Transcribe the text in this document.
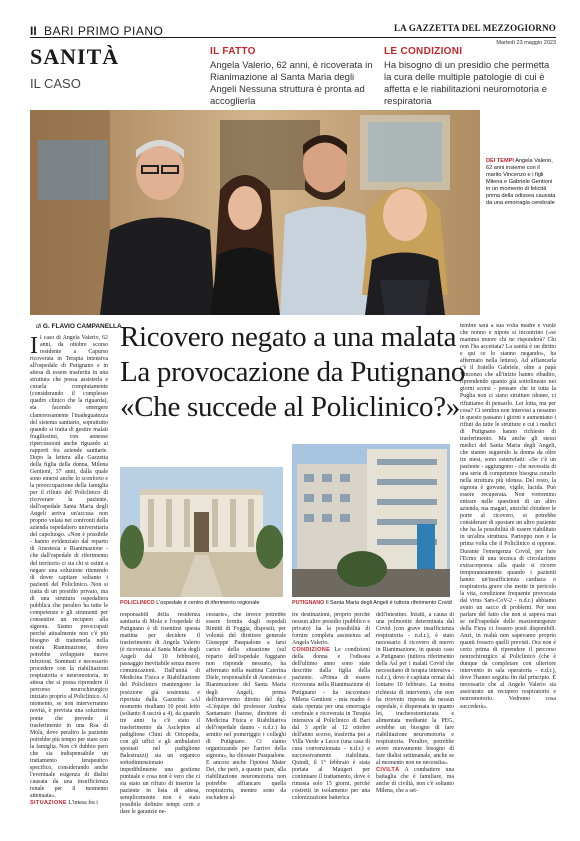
II BARI PRIMO PIANO	LA GAZZETTA DEL MEZZOGIORNO
Martedì 23 maggio 2023
SANITÀ
IL CASO
IL FATTO

Angela Valerio, 62 anni, è ricoverata in Rianimazione al Santa Maria degli Angeli Nessuna struttura è pronta ad accoglierla

LE CONDIZIONI

Ha bisogno di un presidio che permetta la cura delle multiple patologie di cui è affetta e le riabilitazioni neuromotoria e respiratoria

DEI TEMPI Angela Valerio, 62 anni insieme con il marito Vincenzo e i figli Milena e Gabriele Gentioni in un momento di felicità prima della odissea causata da una emorragia cerebrale
di G. FLAVIO CAMPANELLA
Ricovero negato a una malata
La provocazione da Putignano
«Che succede al Policlinico?»
Il caso di Angela Valerio, 62 anni, da ottobre scorso residente a Capurso ricoverata in Terapia intensiva all'ospedale di Putignano e in attesa di essere trasferita in una struttura che possa assisterla e curarla compiutamente (considerando il complesso quadro clinico che la riguarda), sta facendo emergere clamorosamente l'inadeguatezza del sistema sanitario, soprattutto quando si tratta di gestire malati fragilissimi, con annesse ripercussioni anche riguardo ai rapporti fra aziende sanitarie. Dopo la lettera alla Gazzetta della figlia della donna, Milena Gentioni, 37 anni, dalla quale sono emersi anche lo sconforto e la preoccupazione della famiglia per il rifiuto del Policlinico di ricoverare la paziente, dall'ospedale Santa Maria degli Angeli arriva un'accusa non proprio velata nei confronti della azienda ospedaliero universitaria del capoluogo. «Non è possibile - hanno evidenziato dal reparto di Anestesia e Rianimazione - che dall'ospedale di riferimento del territorio ci sia chi si ostini a negare una soluzione ritenendo di dover capitare soltanto i pazienti del Policlinico. Non si tratta di un presidio privato, ma di una struttura ospedaliera pubblica che peraltro ha tutte le competenze e gli strumenti per consentire un recupero alla signora. Siamo preoccupati perché attualmente non c'è più bisogno di trattenerla nella nostra Rianimazione, dove potrebbe sviluppare nuove infezioni. Sommati e necessario procedere con la riabilitazioni respiratoria e neuromotoria, in attesa che si possa riprendere il percorso neurochirurgico iniziato proprio al Policlinico. Al momento, se non interverranno novità, è prevista una soluzione ponte che prevede il trasferimento in una Rsa di Mola, dove peraltro la paziente potrebbe più tempo per stare con la famiglia. Non c'è dubbio però che sia indispensabile un trattamento terapeutico specifico, considerando anche l'eventuale esigenza di dialisi causata da una insufficienza renale per il momento attenuata».
SITUAZIONE L'intesa fra i
POLICLINICO L'ospedale è centro di riferimento regionale	PUTIGNANO Il Santa Maria degli Angeli è tuttora riferimento Covid
responsabili della residenza sanitaria di Mola e l'ospedale di Putignano è di risentirsi questa mattina per decidere il trasferimento di Angela Valerio (è ricoverata al Santa Maria degli Angeli dal 10 febbraio), passaggio inevitabile senza nuove comunicazioni. Dall'unità di Medicina Fisica e Riabilitazione del Policlinico mantengono la posizione già sostenuta e riportata dalla Gazzetta: «Al momento risultano 10 posti letto (soltanto 8 uscirà a 4), da quando tre anni fa c'è stato il trasferimento da Asclepios al padiglione Chini di Ortopedia, con gli uffici e gli ambulatori spostati nel padiglione Balestrazzi) sia un organico sottodimensionato impedibilmente una gestione puntuale e cosa non è vero che ci sia stato un rifiuto di inserire la paziente in lista di attesa, semplicemente non è stato possibile definire tempi certi e dare le garanzie ne-
cessarie», che invece potrebbe essere fornita dagli ospedali Rimitti di Foggia, dispositi, per volontà del direttore generale Giuseppe Pasqualone a farsi carico della situazione (sul reparto dell'ospedale foggiano non risponde nessuno, ha affermato nella mattina Caterina Diele, responsabile di Anestesia e Rianimazione del Santa Maria degli Angeli, prima dell'intervento diretto del dg). «L'équipe del professor Andrea Santamato (barese, direttore di Medicina Fisica e Riabilitativa dell'ospedale dauno - n.d.r.) ha sentito nel pomeriggio i colleghi di Putignano. Ci siamo organizzando per l'arrivo della signora», ha chiosato Pasqualone. E ancora anche l'ipotesi Mater Dei, che però, a quanto pare, alla riabilitazione neuromotoria non potrebbe affiancare quella respiratoria, mentre sono da escludere al-
tre destinazioni, proprio perché nessun altro presidio (pubblico e privato) ha la possibilità di fornire completa assistenza ad Angela Valerio.
CONDIZIONE Le condizioni della donna e l'odissea dell'ultimo anno sono state descritte dalla figlia della paziente. «Prima di essere ricoverata nella Rianimazione di Putignano - ha raccontato Milena Gentioni - mia madre è stata operata per una emorragia cerebrale e ricoverata in Terapia intensiva al Policlinico di Bari dal 3 aprile al 12 ottobre dell'anno scorso, trasferita poi a Villa Verde a Lecce (una casa di cura convenzionata - n.d.r.) e successivamente riabilitata. Quindi, il 1° febbraio è stata portata al Maugeri per continuare il trattamento, dove è rimasta solo 15 giorni, perché costretti in isolamento per una colonizzazione batterica
dell'intestino. Infatti, a causa di una polmonite determinata dal Covid (con grave insufficienza respiratoria - n.d.r.), è stato necessario il ricovero di nuovo in Rianimazione, in questo caso a Putignano (tuttora riferimento della Asl per i malati Covid che necessitano di terapia intensiva - n.d.r.), dove è capitata ormai dal lontano 10 febbraio. La nostra richiesta di intervento, che non ha ricevuto risposta da nessun ospedale, è dispensata in quanto lei, tracheostomizzata e alimentata mediante la PEG, avrebbe un bisogno di fare riabilitazione neuromotoria e respiratoria. Peraltro, potrebbe avere nuovamente bisogno di fare dialisi settimanale, anche se al momento non ne necessita».
CIVILTÀ A combattere una battaglia che è familiare, ma anche di civiltà, non c'è soltanto Milena, che a set-
tembre sarà a sua volta madre e vuole che nonno e nipote si incontrino («se mamma muore chi ne risponderà? Chi non l'ha accettata? La sanità è un diritto e qui ce lo stanno negando», ha affermato nella lettera). Ad affiancarla c'è il fratello Gabriele, oltre a papà Vincenzo che all'inizio hanno ribadito, riprendendo quanto già sottolineato nei giorni scorsi - pensare che in tutta la Puglia non ci siano strutture idonee, ci rifiutiamo di pensarlo. Lei lotta, ma per cosa? Ci sembra non interessi a nessuno in questo passano i giorni e aumentano i rifiuti da tutte le strutture e cui i medici di Putignano hanno richiesto di trasferimento. Ma anche gli stessi medici del Santa Maria degli Angeli, che stanno seguendo la donna da oltre tre mesi, sono esterrefatti: «Se c'è un paziente - aggiungono - che necessita di una serie di competenze bisogna curarlo nella struttura più idonea. Del resto, la signora è giovane, vigile, lucida. Può essere recuperata. Non vorremmo entrare nelle questioni di un altro azienda, ma magari, anziché chiudere le porte al ricovero, si potrebbe considerare di spostare un altro paziente che ha la possibilità di essere riabilitato in un'altra struttura. Partoppo non è la prima volta che il Policlinico si oppone. Durante l'emergenza Covid, per fare l'Ecmo di una tecnica di circolazione extracorporea alla quale si ricorre temporaneamente quando i pazienti hanno un'insufficienza cardiaca o respiratoria grave che mette in pericolo la vita, condizione frequente provocata dal virus Sars-CoV-2 - n.d.r.) abbiamo avuto un sacco di problemi. Per non parlare del fatto che non si sapeva mai se nell'ospedale delle maxiemergenze della Fiera ci fossero posti disponibili. Anzi, in realtà non sapevamo proprio quanti fossero quelli previsti. Ora non è certo prima di riprendere il percorso neurochirurgico al Policlinico (che è dunque da completare con ulteriore intervento in sala operatoria - n.d.r.), dove l'hanno seguita fin dal principio. È necessario che al Angelo Valerio sia assicurato un recupero respiratorio e neuromotorio. Vedremo cosa succederà».
